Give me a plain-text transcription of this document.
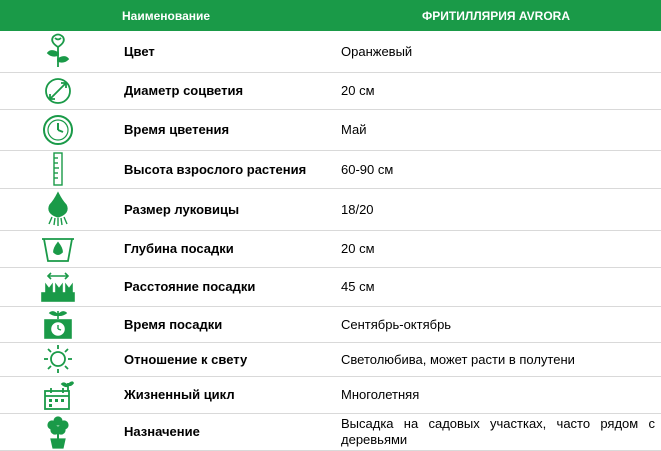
	Наименование	ФРИТИЛЛЯРИЯ AVRORA

	Цвет	Оранжевый

	Диаметр соцветия	20 см

	Время цветения	Май

	Высота взрослого растения	60-90 см

	Размер луковицы	18/20

	Глубина посадки	20 см

	Расстояние посадки	45 см

	Время посадки	Сентябрь-октябрь

	Отношение к свету	Светолюбива, может расти в полутени

	Жизненный цикл	Многолетняя

	Назначение	Высадка на садовых участках, часто рядом с деревьями
